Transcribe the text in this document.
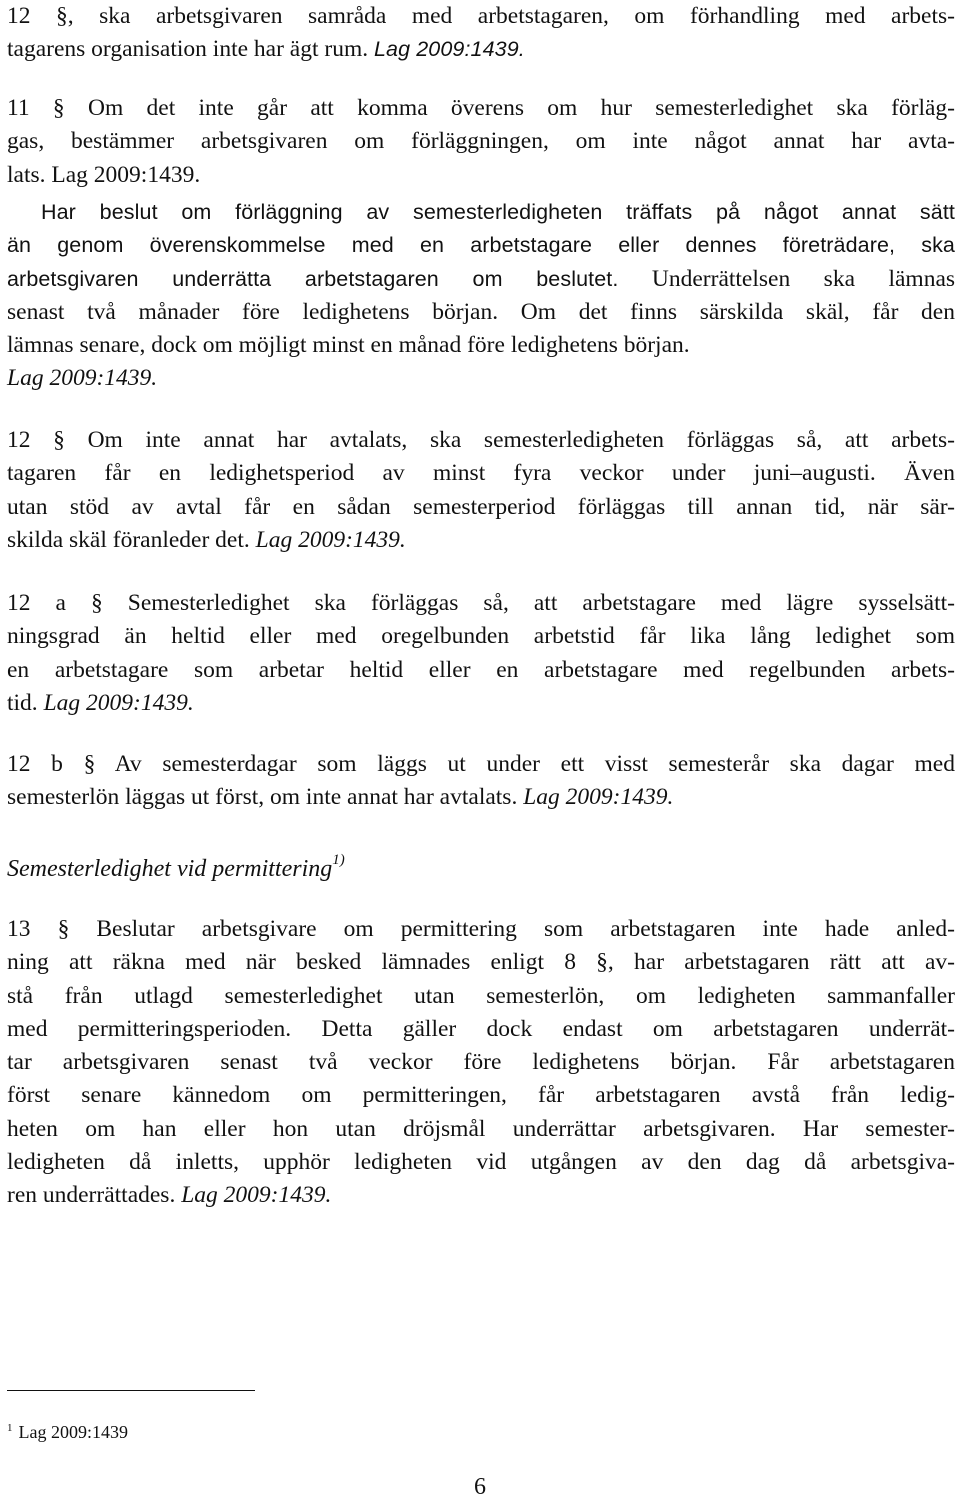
12 §, ska arbetsgivaren samråda med arbetstagaren, om förhandling med arbets-
tagarens organisation inte har ägt rum. Lag 2009:1439.
11 § Om det inte går att komma överens om hur semesterledighet ska förläg-
gas, bestämmer arbetsgivaren om förläggningen, om inte något annat har avta-
lats. Lag 2009:1439.
Har beslut om förläggning av semesterledigheten träffats på något annat sätt
än genom överenskommelse med en arbetstagare eller dennes företrädare, ska
arbetsgivaren underrätta arbetstagaren om beslutet. Underrättelsen ska lämnas
senast två månader före ledighetens början. Om det finns särskilda skäl, får den
lämnas senare, dock om möjligt minst en månad före ledighetens början.
Lag 2009:1439.
12 § Om inte annat har avtalats, ska semesterledigheten förläggas så, att arbets-
tagaren får en ledighetsperiod av minst fyra veckor under juni–augusti. Även
utan stöd av avtal får en sådan semesterperiod förläggas till annan tid, när sär-
skilda skäl föranleder det. Lag 2009:1439.
12 a § Semesterledighet ska förläggas så, att arbetstagare med lägre sysselsätt-
ningsgrad än heltid eller med oregelbunden arbetstid får lika lång ledighet som
en arbetstagare som arbetar heltid eller en arbetstagare med regelbunden arbets-
tid. Lag 2009:1439.
12 b § Av semesterdagar som läggs ut under ett visst semesterår ska dagar med
semesterlön läggas ut först, om inte annat har avtalats. Lag 2009:1439.
Semesterledighet vid permittering$^{1)}$
13 § Beslutar arbetsgivare om permittering som arbetstagaren inte hade anled-
ning att räkna med när besked lämnades enligt 8 §, har arbetstagaren rätt att av-
stå från utlagd semesterledighet utan semesterlön, om ledigheten sammanfaller
med permitteringsperioden. Detta gäller dock endast om arbetstagaren underrät-
tar arbetsgivaren senast två veckor före ledighetens början. Får arbetstagaren
först senare kännedom om permitteringen, får arbetstagaren avstå från ledig-
heten om han eller hon utan dröjsmål underrättar arbetsgivaren. Har semester-
ledigheten då inletts, upphör ledigheten vid utgången av den dag då arbetsgiva-
ren underrättades. Lag 2009:1439.
$^1$ Lag 2009:1439
6
